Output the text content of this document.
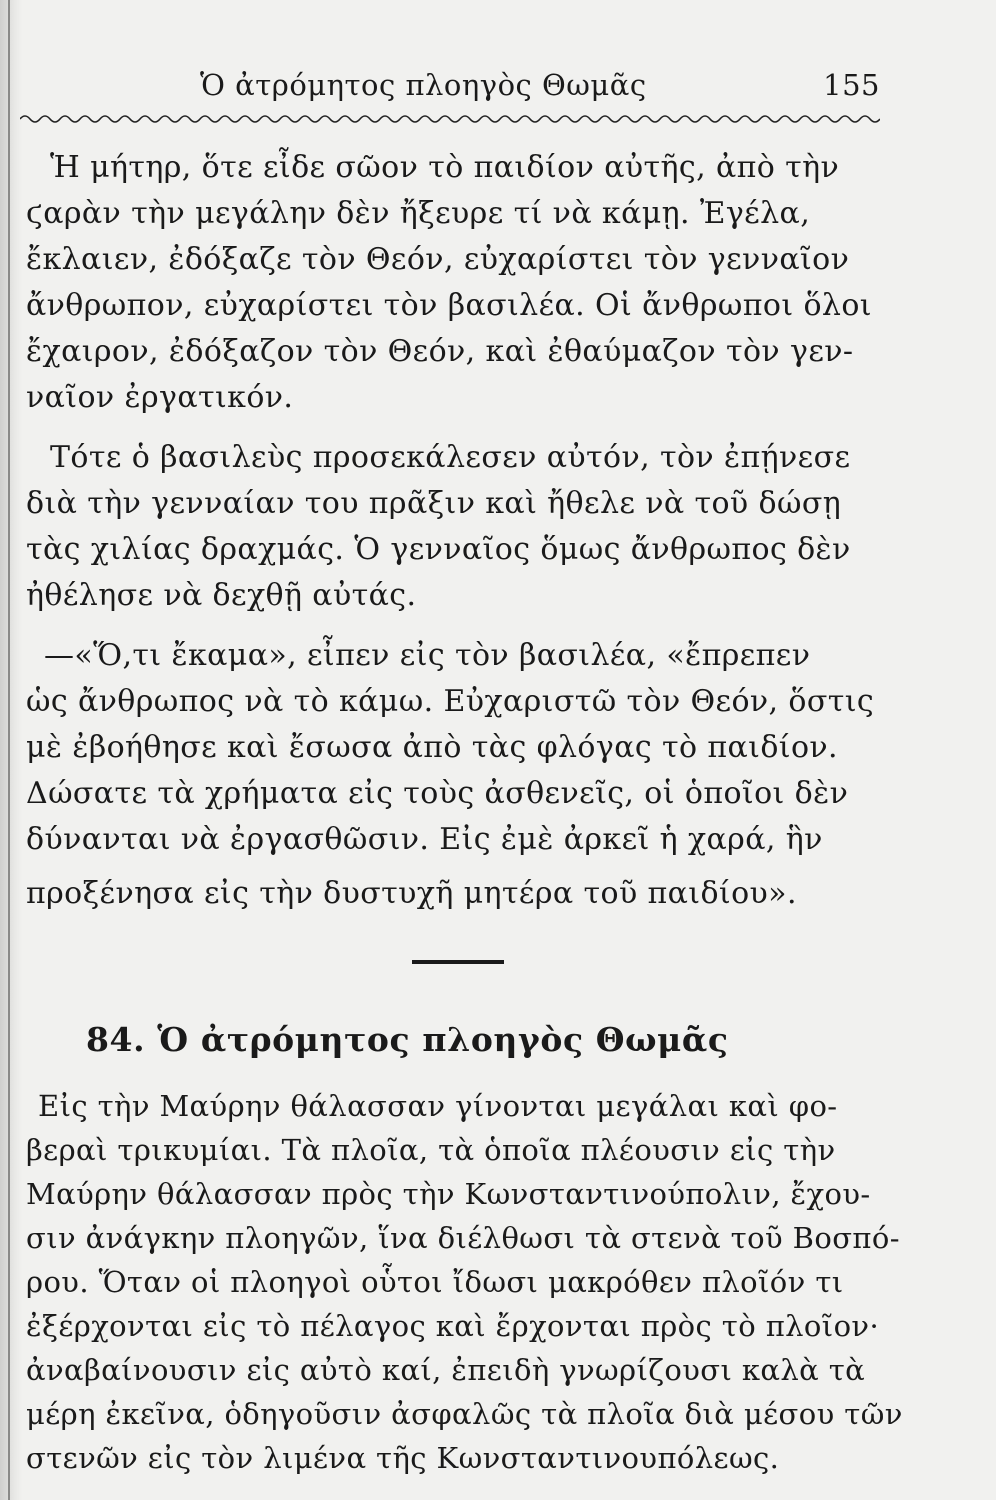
Ὁ ἀτρόμητος πλοηγὸς Θωμᾶς	155
Ἡ μήτηρ, ὅτε εἶδε σῶον τὸ παιδίον αὐτῆς, ἀπὸ τὴν
ϛαρὰν τὴν μεγάλην δὲν ἤξευρε τί νὰ κάμῃ. Ἐγέλα,
ἔκλαιεν, ἐδόξαζε τὸν Θεόν, εὐχαρίστει τὸν γενναῖον
ἄνθρωπον, εὐχαρίστει τὸν βασιλέα. Οἱ ἄνθρωποι ὅλοι
ἔχαιρον, ἐδόξαζον τὸν Θεόν, καὶ ἐθαύμαζον τὸν γεν-
ναῖον ἐργατικόν.
Τότε ὁ βασιλεὺς προσεκάλεσεν αὐτόν, τὸν ἐπῄνεσε
διὰ τὴν γενναίαν του πρᾶξιν καὶ ἤθελε νὰ τοῦ δώσῃ
τὰς χιλίας δραχμάς. Ὁ γενναῖος ὅμως ἄνθρωπος δὲν
ἠθέλησε νὰ δεχθῇ αὐτάς.
—«Ὅ,τι ἔκαμα», εἶπεν εἰς τὸν βασιλέα, «ἔπρεπεν
ὡς ἄνθρωπος νὰ τὸ κάμω. Εὐχαριστῶ τὸν Θεόν, ὅστις
μὲ ἐβοήθησε καὶ ἔσωσα ἀπὸ τὰς φλόγας τὸ παιδίον.
Δώσατε τὰ χρήματα εἰς τοὺς ἀσθενεῖς, οἱ ὁποῖοι δὲν
δύνανται νὰ ἐργασθῶσιν. Εἰς ἐμὲ ἀρκεῖ ἡ χαρά, ἣν
προξένησα εἰς τὴν δυστυχῆ μητέρα τοῦ παιδίου».
84. Ὁ ἀτρόμητος πλοηγὸς Θωμᾶς
Εἰς τὴν Μαύρην θάλασσαν γίνονται μεγάλαι καὶ φο-
βεραὶ τρικυμίαι. Τὰ πλοῖα, τὰ ὁποῖα πλέουσιν εἰς τὴν
Μαύρην θάλασσαν πρὸς τὴν Κωνσταντινούπολιν, ἔχου-
σιν ἀνάγκην πλοηγῶν, ἵνα διέλθωσι τὰ στενὰ τοῦ Βοσπό-
ρου. Ὅταν οἱ πλοηγοὶ οὗτοι ἴδωσι μακρόθεν πλοῖόν τι
ἐξέρχονται εἰς τὸ πέλαγος καὶ ἔρχονται πρὸς τὸ πλοῖον·
ἀναβαίνουσιν εἰς αὐτὸ καί, ἐπειδὴ γνωρίζουσι καλὰ τὰ
μέρη ἐκεῖνα, ὁδηγοῦσιν ἀσφαλῶς τὰ πλοῖα διὰ μέσου τῶν
στενῶν εἰς τὸν λιμένα τῆς Κωνσταντινουπόλεως.
